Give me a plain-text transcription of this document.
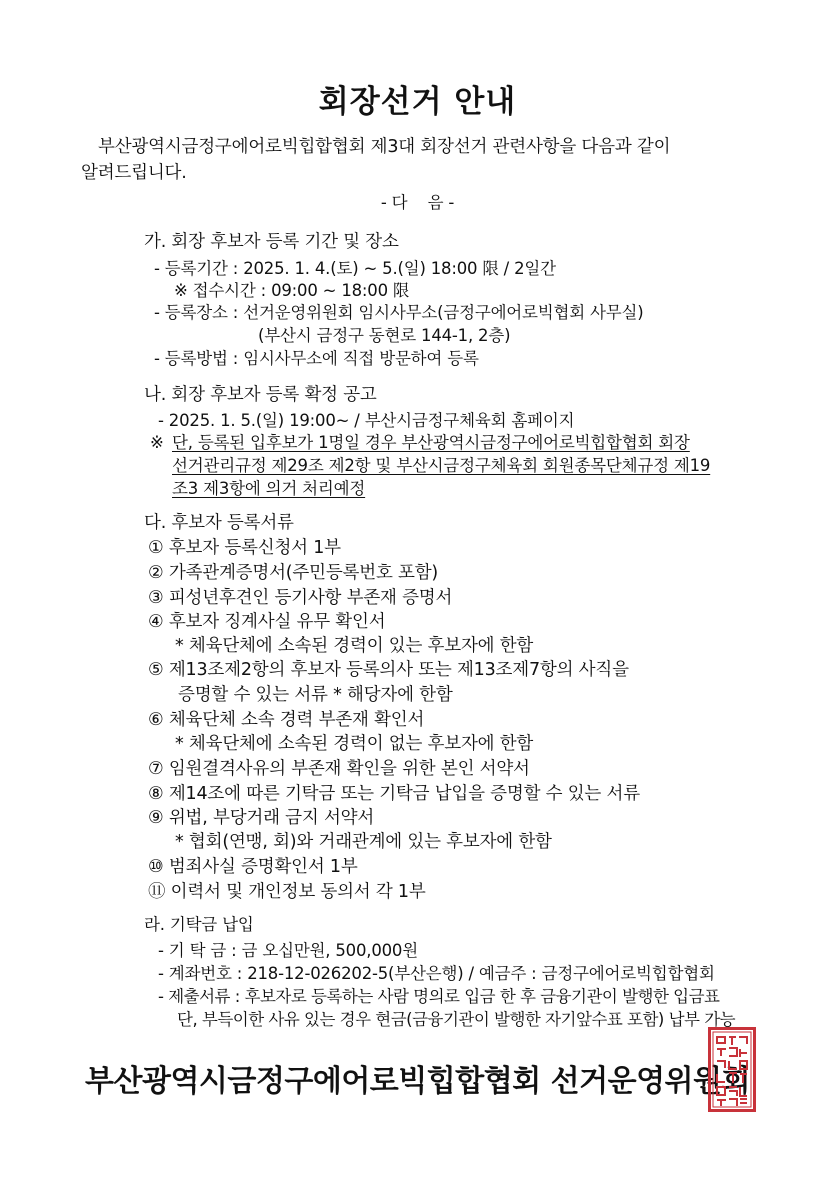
회장선거 안내
부산광역시금정구에어로빅힙합협회 제3대 회장선거 관련사항을 다음과 같이
알려드립니다.
- 다    음 -
가. 회장 후보자 등록 기간 및 장소
- 등록기간 : 2025. 1. 4.(토) ~ 5.(일) 18:00 限 / 2일간
※ 접수시간 : 09:00 ~ 18:00 限
- 등록장소 : 선거운영위원회 임시사무소(금정구에어로빅협회 사무실)
(부산시 금정구 동현로 144-1, 2층)
- 등록방법 : 임시사무소에 직접 방문하여 등록
나. 회장 후보자 등록 확정 공고
- 2025. 1. 5.(일) 19:00~ / 부산시금정구체육회 홈페이지
※ 단, 등록된 입후보가 1명일 경우 부산광역시금정구에어로빅힙합협회 회장
선거관리규정 제29조 제2항 및 부산시금정구체육회 회원종목단체규정 제19
조3 제3항에 의거 처리예정
다. 후보자 등록서류
① 후보자 등록신청서 1부
② 가족관계증명서(주민등록번호 포함)
③ 피성년후견인 등기사항 부존재 증명서
④ 후보자 징계사실 유무 확인서
* 체육단체에 소속된 경력이 있는 후보자에 한함
⑤ 제13조제2항의 후보자 등록의사 또는 제13조제7항의 사직을
증명할 수 있는 서류 * 해당자에 한함
⑥ 체육단체 소속 경력 부존재 확인서
* 체육단체에 소속된 경력이 없는 후보자에 한함
⑦ 임원결격사유의 부존재 확인을 위한 본인 서약서
⑧ 제14조에 따른 기탁금 또는 기탁금 납입을 증명할 수 있는 서류
⑨ 위법, 부당거래 금지 서약서
* 협회(연맹, 회)와 거래관계에 있는 후보자에 한함
⑩ 범죄사실 증명확인서 1부
⑪ 이력서 및 개인정보 동의서 각 1부
라. 기탁금 납입
- 기 탁 금 : 금 오십만원, 500,000원
- 계좌번호 : 218-12-026202-5(부산은행) / 예금주 : 금정구에어로빅힙합협회
- 제출서류 : 후보자로 등록하는 사람 명의로 입금 한 후 금융기관이 발행한 입금표
단, 부득이한 사유 있는 경우 현금(금융기관이 발행한 자기앞수표 포함) 납부 가능
부산광역시금정구에어로빅힙합협회 선거운영위원회
